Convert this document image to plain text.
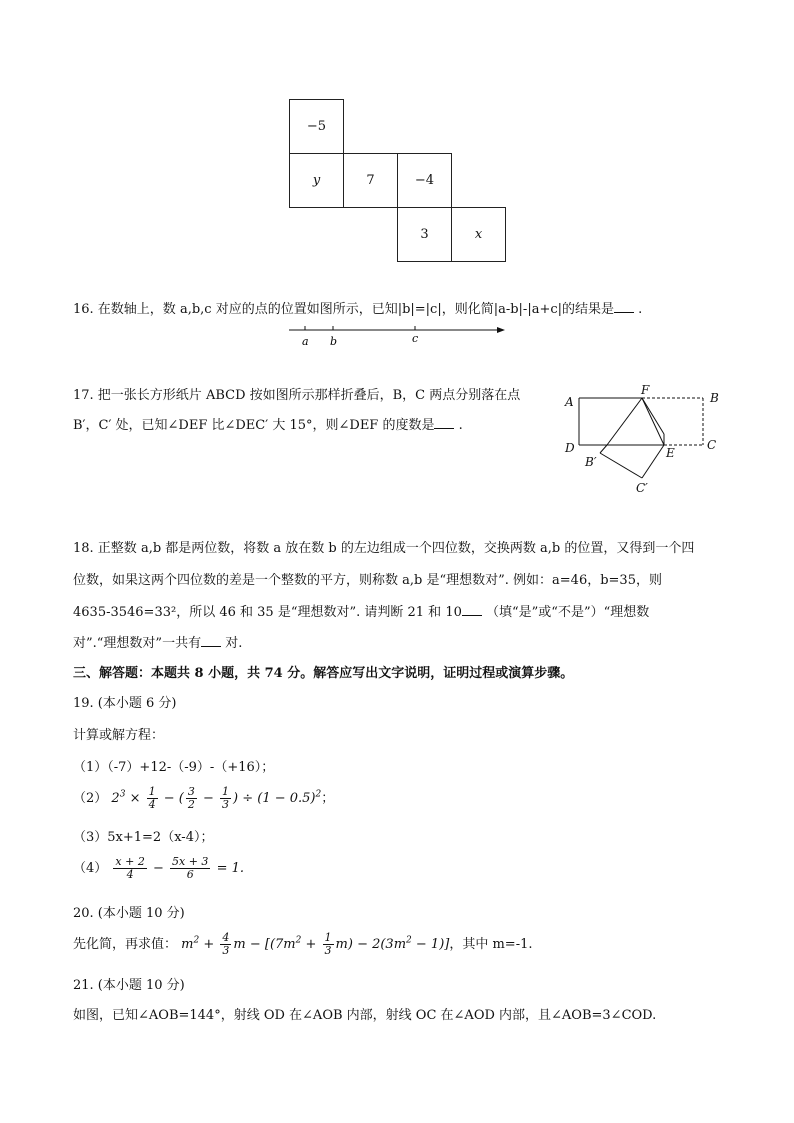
−5
y	7	−4
3	x
16. 在数轴上，数 a,b,c 对应的点的位置如图所示，已知|b|=|c|，则化简|a-b|-|a+c|的结果是 .
a b	c
17. 把一张长方形纸片 ABCD 按如图所示那样折叠后，B，C 两点分别落在点
B′，C′ 处，已知∠DEF 比∠DEC′ 大 15°，则∠DEF 的度数是 .
A
F
B
D	E
C
B′
C′
18. 正整数 a,b 都是两位数，将数 a 放在数 b 的左边组成一个四位数，交换两数 a,b 的位置，又得到一个四
位数，如果这两个四位数的差是一个整数的平方，则称数 a,b 是“理想数对”. 例如：a=46，b=35，则
4635-3546=33²，所以 46 和 35 是“理想数对”. 请判断 21 和 10 （填“是”或“不是”）“理想数
对”.“理想数对”一共有 对.
三、解答题：本题共 8 小题，共 74 分。解答应写出文字说明，证明过程或演算步骤。
19. (本小题 6 分)
计算或解方程：
（1）（-7）+12-（-9）-（+16）；
（2） $2^3 \times \frac{1}{4}$ − ( $\frac{3}{2} - \frac{1}{3}$ ) ÷ $(1 - 0.5)^2$；
（3）5x+1=2（x-4）；
$(4) \frac{x + 2}{4} - \frac{5x + 3}{6} = 1$.
20. (本小题 10 分)
先化简，再求值： $m^2 + \frac{4}{3}$ $m - [(7m^2 + \frac{1}{3} m) - 2(3m^2 - 1)]$，其中 m=-1.
21. (本小题 10 分)
如图，已知∠AOB=144°，射线 OD 在∠AOB 内部，射线 OC 在∠AOD 内部，且∠AOB=3∠COD.
